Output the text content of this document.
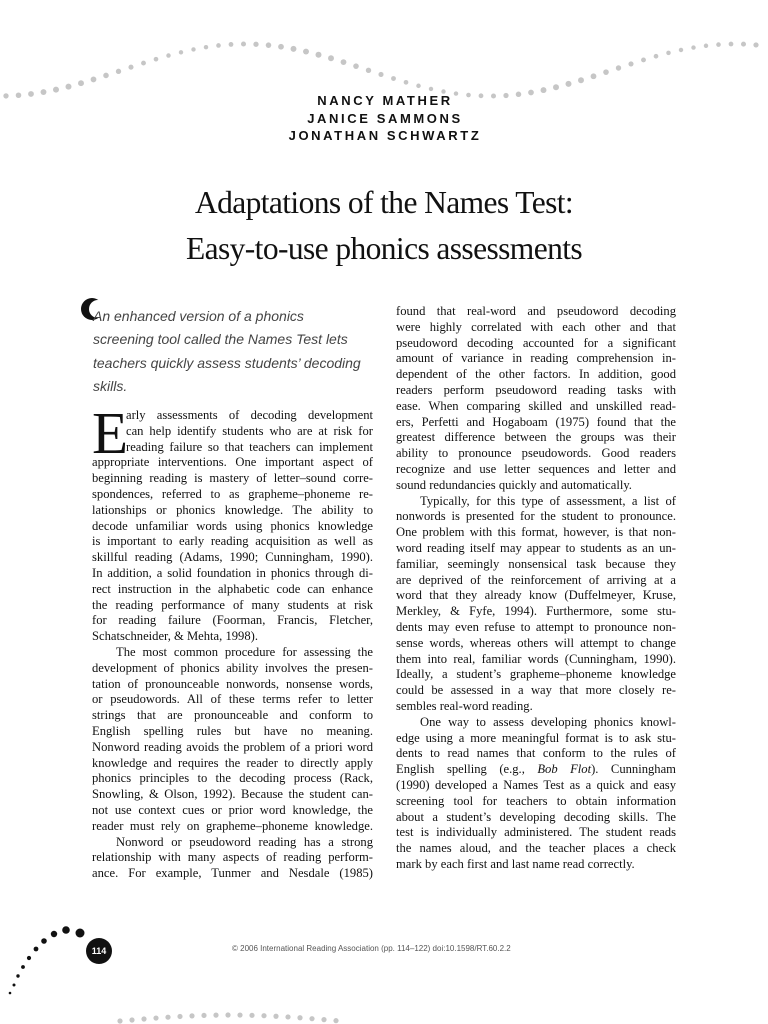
NANCY MATHER
JANICE SAMMONS
JONATHAN SCHWARTZ
Adaptations of the Names Test:
Easy-to-use phonics assessments
An enhanced version of a phonics
screening tool called the Names Test lets
teachers quickly assess students’ decoding
skills.
E
arly assessments of decoding development
can help identify students who are at risk for
reading failure so that teachers can implement
appropriate interventions. One important aspect of
beginning reading is mastery of letter–sound corre-
spondences, referred to as grapheme–phoneme re-
lationships or phonics knowledge. The ability to
decode unfamiliar words using phonics knowledge
is important to early reading acquisition as well as
skillful reading (Adams, 1990; Cunningham, 1990).
In addition, a solid foundation in phonics through di-
rect instruction in the alphabetic code can enhance
the reading performance of many students at risk
for reading failure (Foorman, Francis, Fletcher,
Schatschneider, & Mehta, 1998).
The most common procedure for assessing the
development of phonics ability involves the presen-
tation of pronounceable nonwords, nonsense words,
or pseudowords. All of these terms refer to letter
strings that are pronounceable and conform to
English spelling rules but have no meaning.
Nonword reading avoids the problem of a priori word
knowledge and requires the reader to directly apply
phonics principles to the decoding process (Rack,
Snowling, & Olson, 1992). Because the student can-
not use context cues or prior word knowledge, the
reader must rely on grapheme–phoneme knowledge.
Nonword or pseudoword reading has a strong
relationship with many aspects of reading perform-
ance. For example, Tunmer and Nesdale (1985)
found that real-word and pseudoword decoding
were highly correlated with each other and that
pseudoword decoding accounted for a significant
amount of variance in reading comprehension in-
dependent of the other factors. In addition, good
readers perform pseudoword reading tasks with
ease. When comparing skilled and unskilled read-
ers, Perfetti and Hogaboam (1975) found that the
greatest difference between the groups was their
ability to pronounce pseudowords. Good readers
recognize and use letter sequences and letter and
sound redundancies quickly and automatically.
Typically, for this type of assessment, a list of
nonwords is presented for the student to pronounce.
One problem with this format, however, is that non-
word reading itself may appear to students as an un-
familiar, seemingly nonsensical task because they
are deprived of the reinforcement of arriving at a
word that they already know (Duffelmeyer, Kruse,
Merkley, & Fyfe, 1994). Furthermore, some stu-
dents may even refuse to attempt to pronounce non-
sense words, whereas others will attempt to change
them into real, familiar words (Cunningham, 1990).
Ideally, a student’s grapheme–phoneme knowledge
could be assessed in a way that more closely re-
sembles real-word reading.
One way to assess developing phonics knowl-
edge using a more meaningful format is to ask stu-
dents to read names that conform to the rules of
English spelling (e.g., Bob Flot). Cunningham
(1990) developed a Names Test as a quick and easy
screening tool for teachers to obtain information
about a student’s developing decoding skills. The
test is individually administered. The student reads
the names aloud, and the teacher places a check
mark by each first and last name read correctly.
114	© 2006 International Reading Association (pp. 114–122) doi:10.1598/RT.60.2.2
